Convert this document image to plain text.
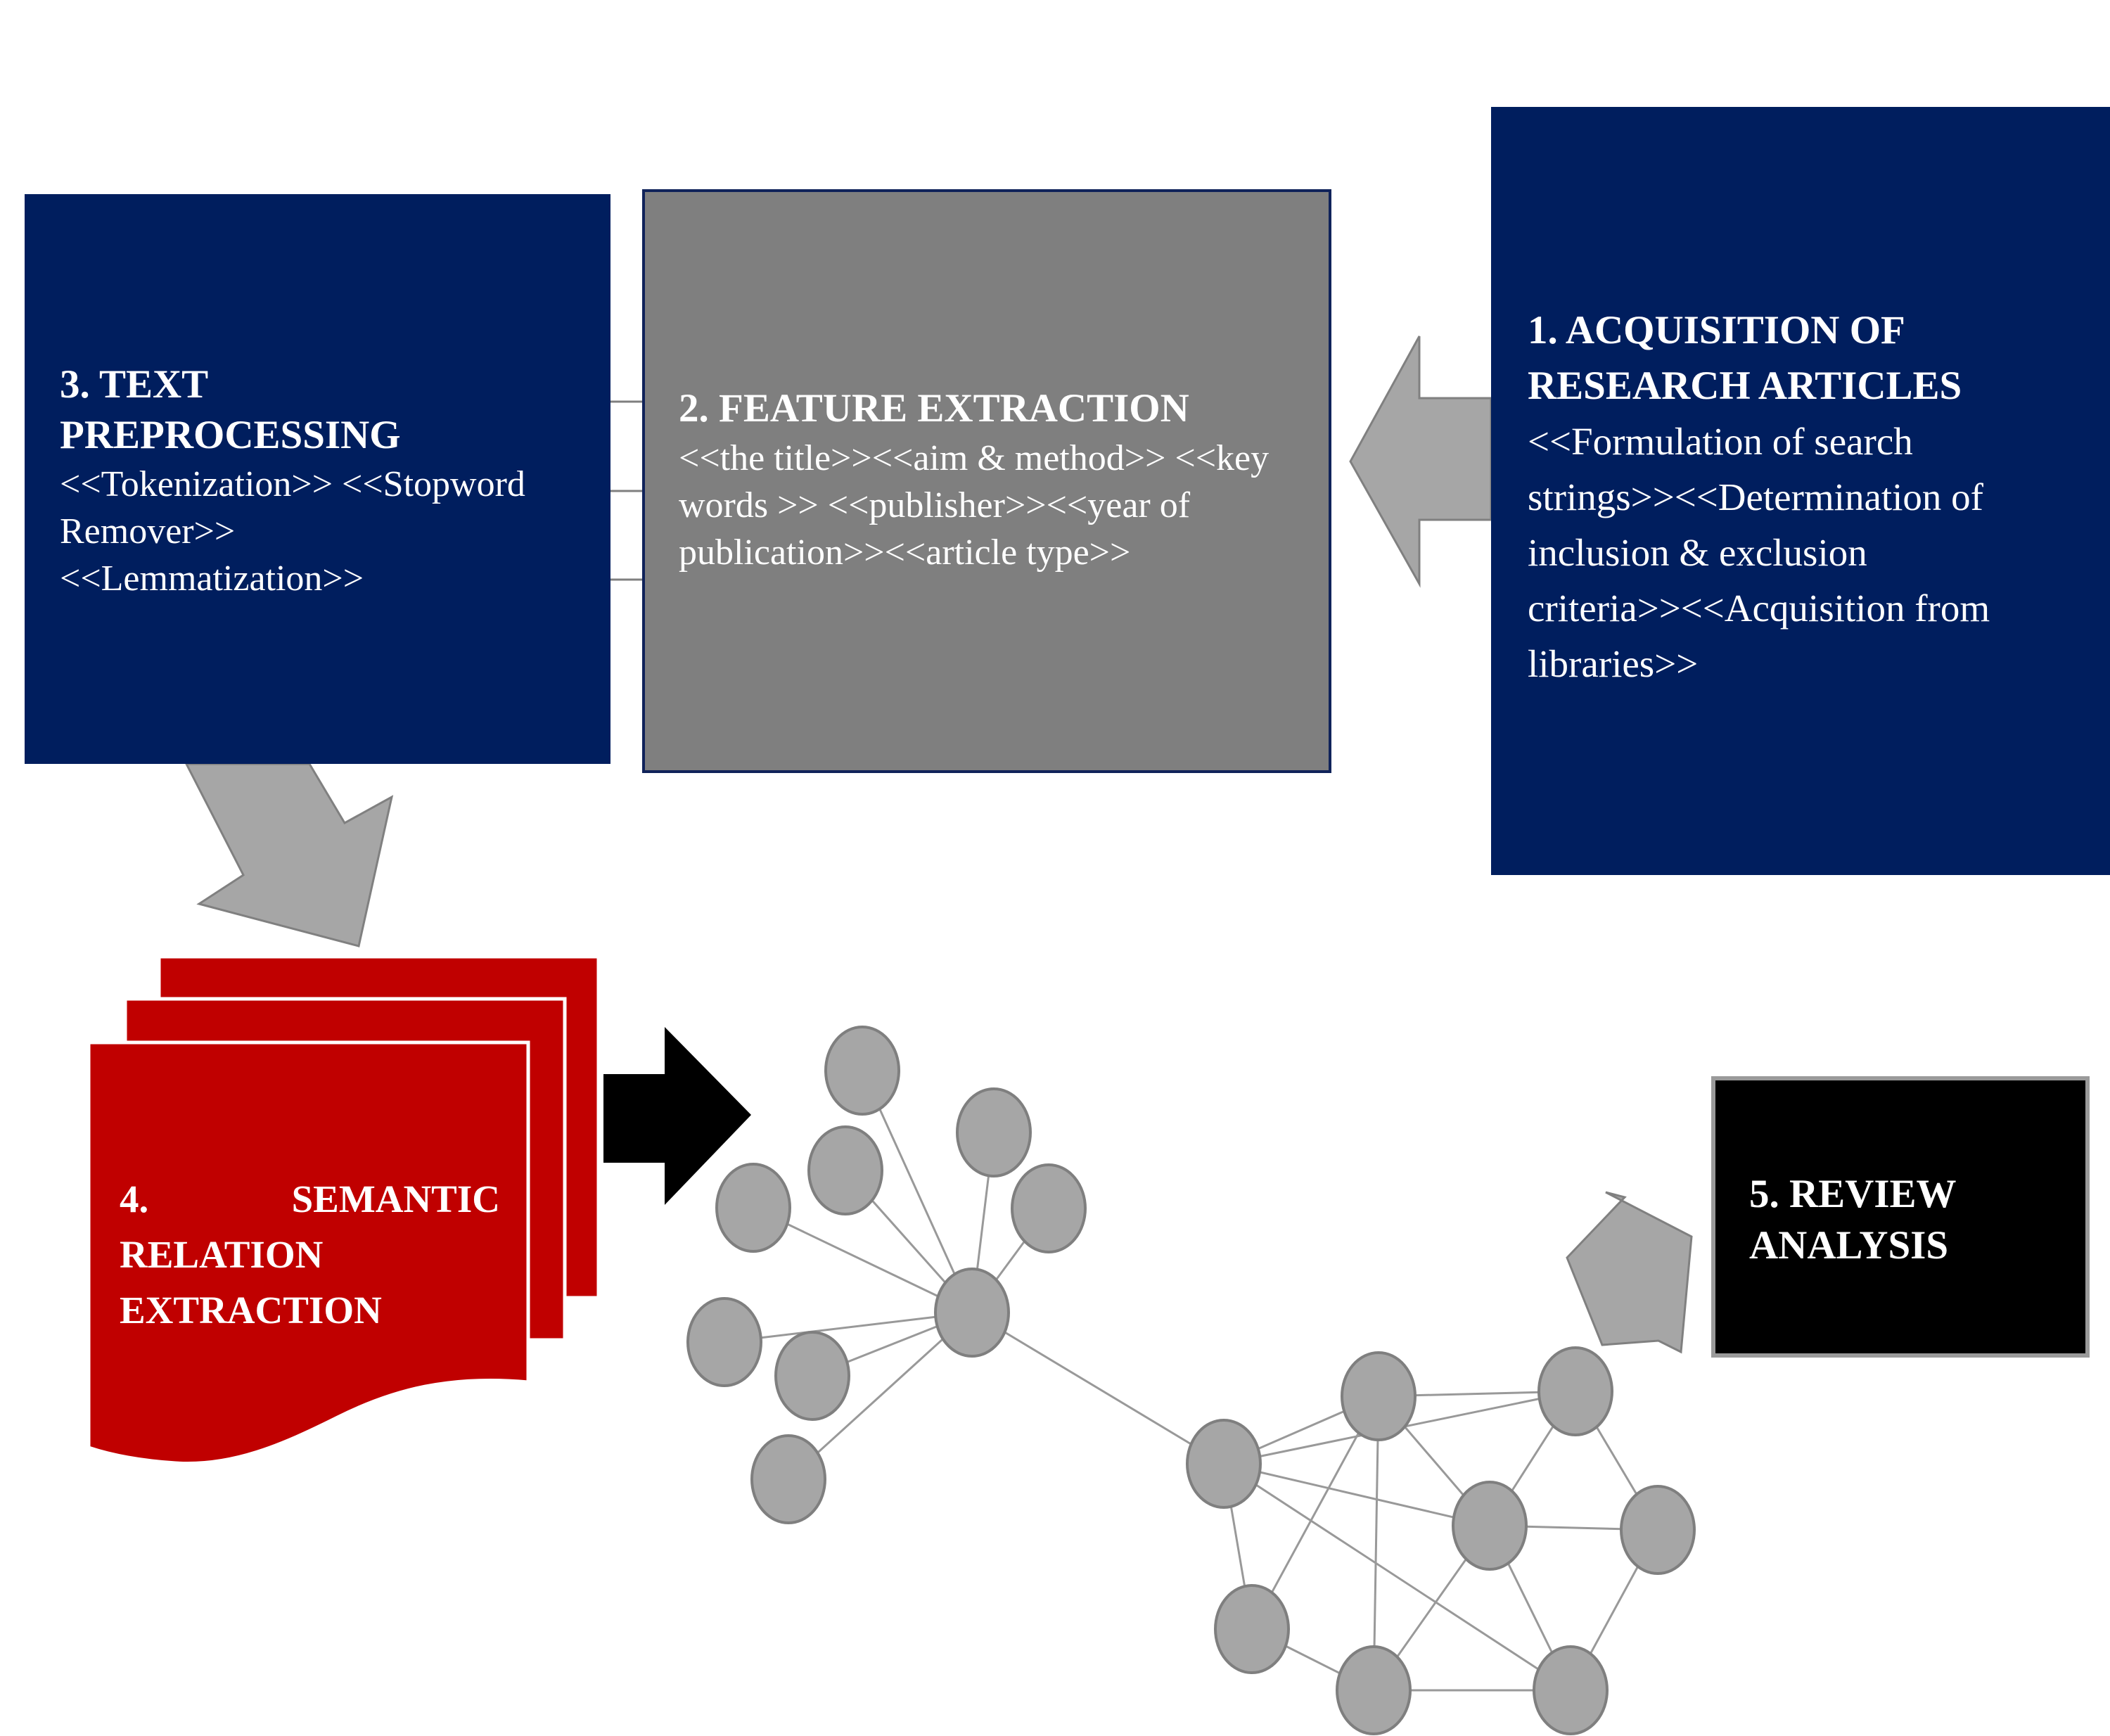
1. ACQUISITION OF
RESEARCH ARTICLES
<<Formulation of search
strings>><<Determination of
inclusion & exclusion
criteria>><<Acquisition from
libraries>>
2. FEATURE EXTRACTION
<<the title>><<aim & method>> <<key
words >> <<publisher>><<year of
publication>><<article type>>
3. TEXT
PREPROCESSING
<<Tokenization>> <<Stopword
Remover>>
<<Lemmatization>>
4.	SEMANTIC
RELATION
EXTRACTION
5. REVIEW
ANALYSIS
